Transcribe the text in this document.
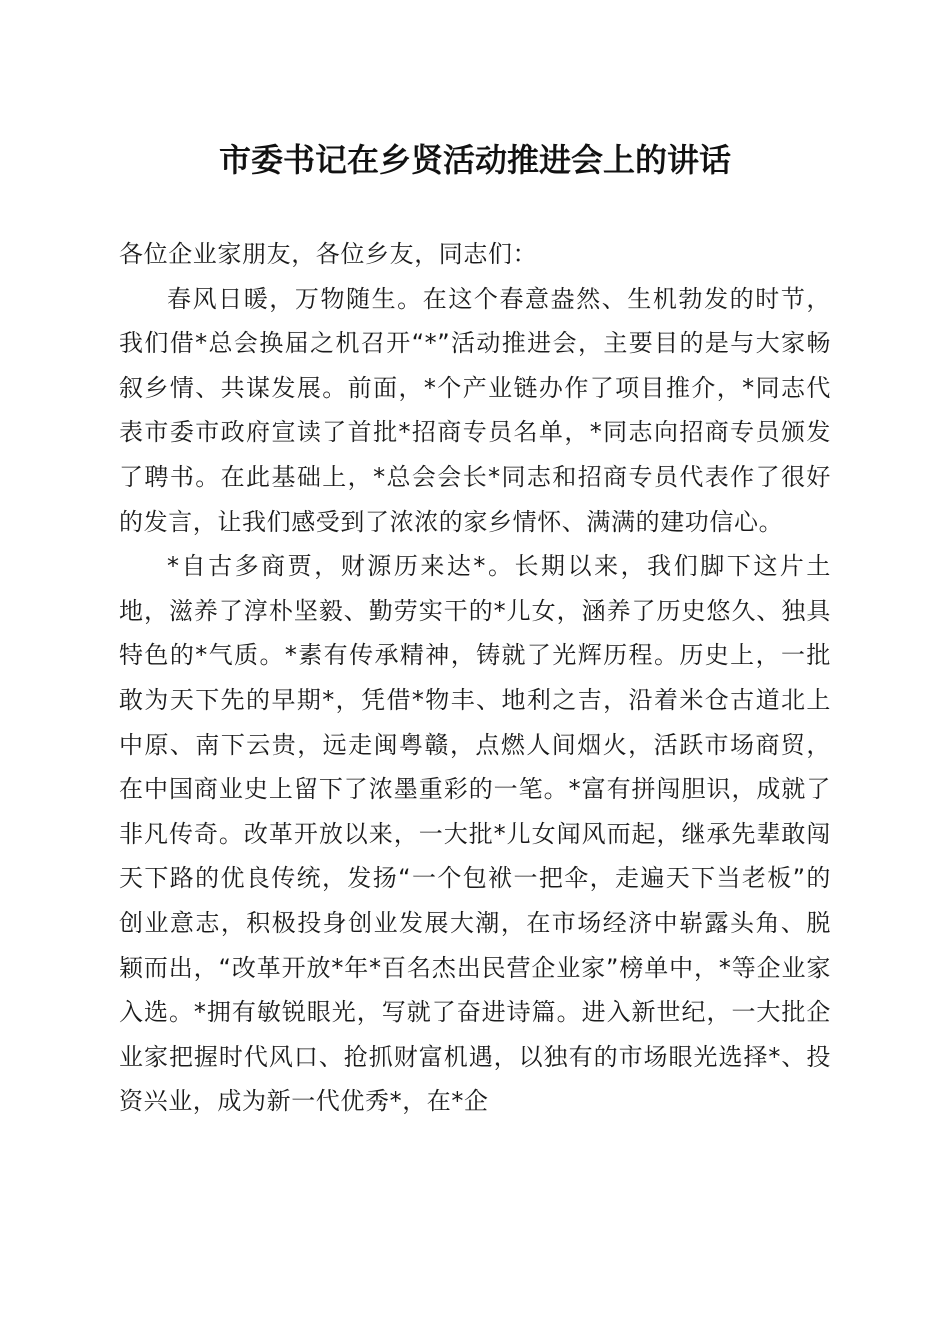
市委书记在乡贤活动推进会上的讲话

各位企业家朋友，各位乡友，同志们：

春风日暖，万物随生。在这个春意盎然、生机勃发的时节，我们借*总会换届之机召开“*”活动推进会，主要目的是与大家畅叙乡情、共谋发展。前面，*个产业链办作了项目推介，*同志代表市委市政府宣读了首批*招商专员名单，*同志向招商专员颁发了聘书。在此基础上，*总会会长*同志和招商专员代表作了很好的发言，让我们感受到了浓浓的家乡情怀、满满的建功信心。

*自古多商贾，财源历来达*。长期以来，我们脚下这片土地，滋养了淳朴坚毅、勤劳实干的*儿女，涵养了历史悠久、独具特色的*气质。*素有传承精神，铸就了光辉历程。历史上，一批敢为天下先的早期*，凭借*物丰、地利之吉，沿着米仓古道北上中原、南下云贵，远走闽粤赣，点燃人间烟火，活跃市场商贸，在中国商业史上留下了浓墨重彩的一笔。*富有拼闯胆识，成就了非凡传奇。改革开放以来，一大批*儿女闻风而起，继承先辈敢闯天下路的优良传统，发扬“一个包袱一把伞，走遍天下当老板”的创业意志，积极投身创业发展大潮，在市场经济中崭露头角、脱颖而出，“改革开放*年*百名杰出民营企业家”榜单中，*等企业家入选。*拥有敏锐眼光，写就了奋进诗篇。进入新世纪，一大批企业家把握时代风口、抢抓财富机遇，以独有的市场眼光选择*、投资兴业，成为新一代优秀*，在*企
